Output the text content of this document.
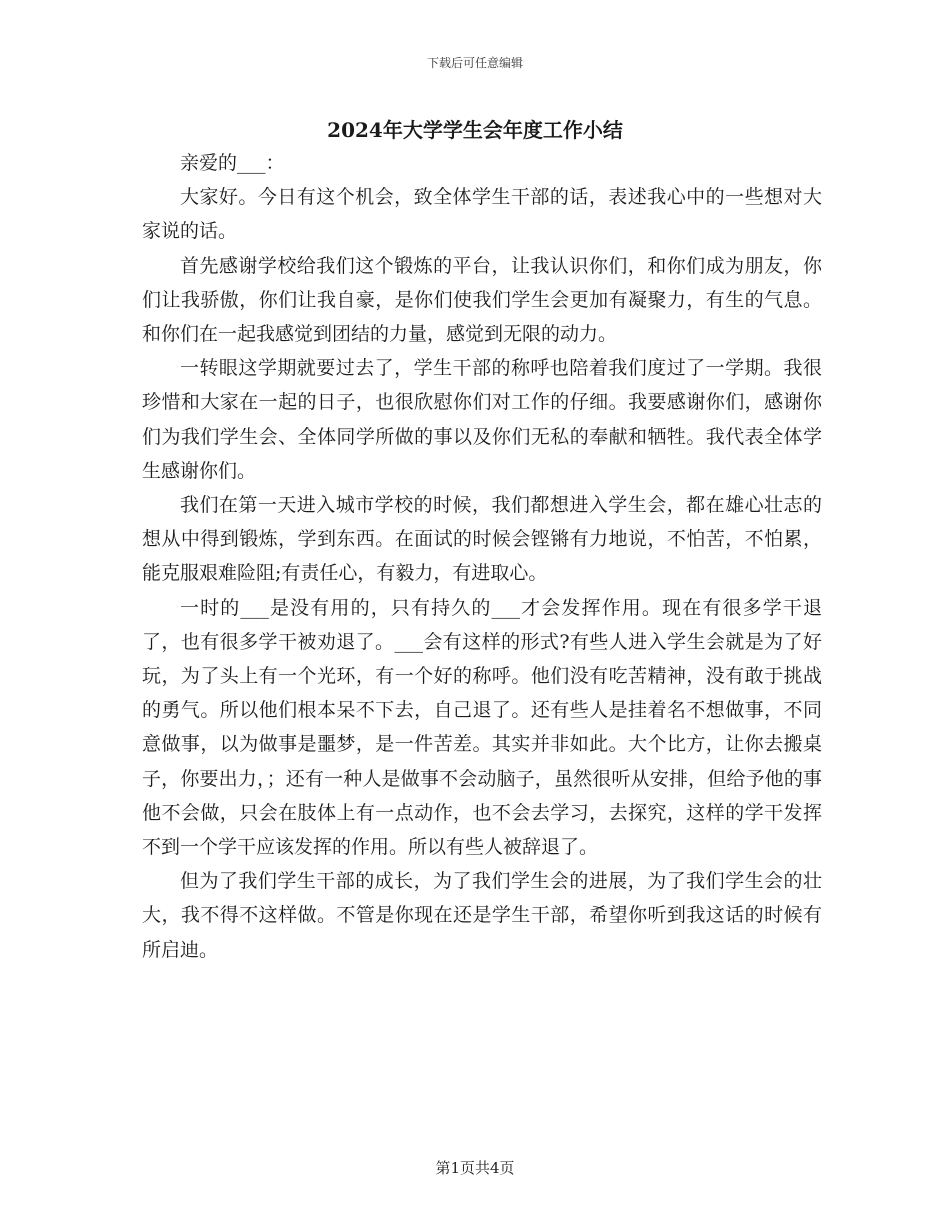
下载后可任意编辑
2024年大学学生会年度工作小结

亲爱的___：

大家好。今日有这个机会，致全体学生干部的话，表述我心中的一些想对大家说的话。

首先感谢学校给我们这个锻炼的平台，让我认识你们，和你们成为朋友，你们让我骄傲，你们让我自豪，是你们使我们学生会更加有凝聚力，有生的气息。和你们在一起我感觉到团结的力量，感觉到无限的动力。

一转眼这学期就要过去了，学生干部的称呼也陪着我们度过了一学期。我很珍惜和大家在一起的日子，也很欣慰你们对工作的仔细。我要感谢你们，感谢你们为我们学生会、全体同学所做的事以及你们无私的奉献和牺牲。我代表全体学生感谢你们。

我们在第一天进入城市学校的时候，我们都想进入学生会，都在雄心壮志的想从中得到锻炼，学到东西。在面试的时候会铿锵有力地说，不怕苦，不怕累，能克服艰难险阻;有责任心，有毅力，有进取心。

一时的___是没有用的，只有持久的___才会发挥作用。现在有很多学干退了，也有很多学干被劝退了。___会有这样的形式?有些人进入学生会就是为了好玩，为了头上有一个光环，有一个好的称呼。他们没有吃苦精神，没有敢于挑战的勇气。所以他们根本呆不下去，自己退了。还有些人是挂着名不想做事，不同意做事，以为做事是噩梦，是一件苦差。其实并非如此。大个比方，让你去搬桌子，你要出力，；还有一种人是做事不会动脑子，虽然很听从安排，但给予他的事他不会做，只会在肢体上有一点动作，也不会去学习，去探究，这样的学干发挥不到一个学干应该发挥的作用。所以有些人被辞退了。

但为了我们学生干部的成长，为了我们学生会的进展，为了我们学生会的壮大，我不得不这样做。不管是你现在还是学生干部，希望你听到我这话的时候有所启迪。

第1页共4页
